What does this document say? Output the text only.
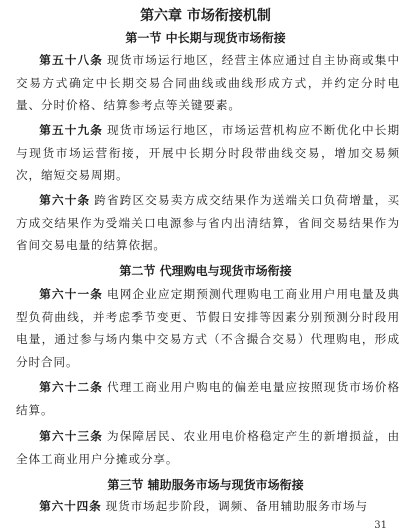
第六章 市场衔接机制
第一节 中长期与现货市场衔接
第五十八条 现货市场运行地区，经营主体应通过自主协商或集中交易方式确定中长期交易合同曲线或曲线形成方式，并约定分时电量、分时价格、结算参考点等关键要素。
第五十九条 现货市场运行地区，市场运营机构应不断优化中长期与现货市场运营衔接，开展中长期分时段带曲线交易，增加交易频次，缩短交易周期。
第六十条 跨省跨区交易卖方成交结果作为送端关口负荷增量，买方成交结果作为受端关口电源参与省内出清结算，省间交易结果作为省间交易电量的结算依据。
第二节 代理购电与现货市场衔接
第六十一条 电网企业应定期预测代理购电工商业用户用电量及典型负荷曲线，并考虑季节变更、节假日安排等因素分别预测分时段用电量，通过参与场内集中交易方式（不含撮合交易）代理购电，形成分时合同。
第六十二条 代理工商业用户购电的偏差电量应按照现货市场价格结算。
第六十三条 为保障居民、农业用电价格稳定产生的新增损益，由全体工商业用户分摊或分享。
第三节 辅助服务市场与现货市场衔接
第六十四条 现货市场起步阶段，调频、备用辅助服务市场与
31
